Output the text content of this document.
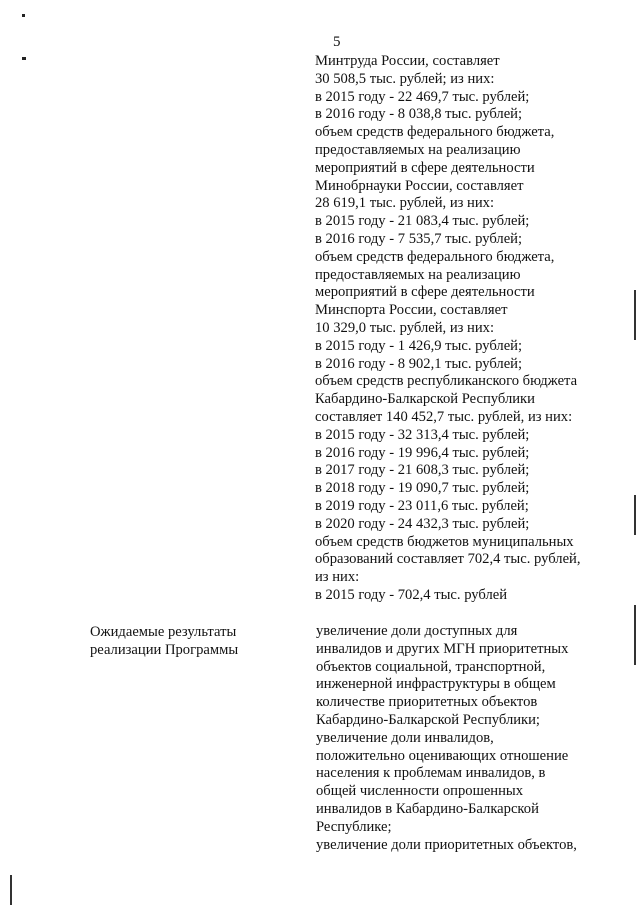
5
Минтруда России, составляет
30 508,5 тыс. рублей; из них:
в 2015 году - 22 469,7 тыс. рублей;
в 2016 году - 8 038,8 тыс. рублей;
объем средств федерального бюджета,
предоставляемых на реализацию
мероприятий в сфере деятельности
Минобрнауки России, составляет
28 619,1 тыс. рублей, из них:
в 2015 году - 21 083,4 тыс. рублей;
в 2016 году - 7 535,7 тыс. рублей;
объем средств федерального бюджета,
предоставляемых на реализацию
мероприятий в сфере деятельности
Минспорта России, составляет
10 329,0 тыс. рублей, из них:
в 2015 году - 1 426,9 тыс. рублей;
в 2016 году - 8 902,1 тыс. рублей;
объем средств республиканского бюджета
Кабардино-Балкарской Республики
составляет 140 452,7 тыс. рублей, из них:
в 2015 году - 32 313,4 тыс. рублей;
в 2016 году - 19 996,4 тыс. рублей;
в 2017 году - 21 608,3 тыс. рублей;
в 2018 году - 19 090,7 тыс. рублей;
в 2019 году - 23 011,6 тыс. рублей;
в 2020 году - 24 432,3 тыс. рублей;
объем средств бюджетов муниципальных
образований составляет 702,4 тыс. рублей,
из них:
в 2015 году - 702,4 тыс. рублей
Ожидаемые результаты
реализации Программы
увеличение доли доступных для
инвалидов и других МГН приоритетных
объектов социальной, транспортной,
инженерной инфраструктуры в общем
количестве приоритетных объектов
Кабардино-Балкарской Республики;
увеличение доли инвалидов,
положительно оценивающих отношение
населения к проблемам инвалидов, в
общей численности опрошенных
инвалидов в Кабардино-Балкарской
Республике;
увеличение доли приоритетных объектов,
